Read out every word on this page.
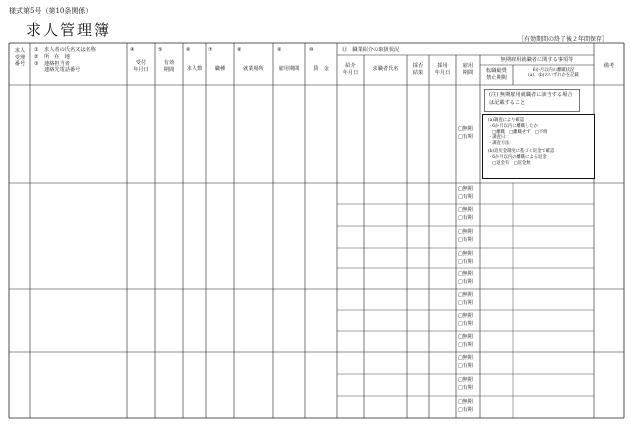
様式第5号（第10条関係）
求人管理簿
［有効期間の終了後２年間保存］
求人
受理
番号
①
②
③
求人者の氏名又は名称
所　在　地
連絡担当者
連絡先電話番号
④
受付
年月日
⑤
有効
期間
⑥
求人数
⑦
職種
⑧
就業場所
⑨
雇用期間
⑩
賃　金
⑪　職業紹介の取扱状況
紹介
年月日
求職者氏名	採否
結果
採用
年月日
雇用
期間
無期雇用就職者に関する事項等
転職勧奨
禁止期間
6か月以内の離職状況
(a)、(b)のいずれかを記載
備考
□無期
□有期
□無期
□有期
□無期
□有期
□無期
□有期
□無期
□有期
□無期
□有期
□無期
□有期
□無期
□有期
□無期
□有期
□無期
□有期
□無期
□有期
□無期
□有期
(注) 無期雇用就職者に該当する場合は記載すること
(a)調査により確認
・6か月以内に離職したか
　□離職　□離職せず　□不明
・調査日：
・調査方法：
(b)返戻金制度に基づく返金で確認
・6か月以内の離職による返金
　□返金有　□返金無
